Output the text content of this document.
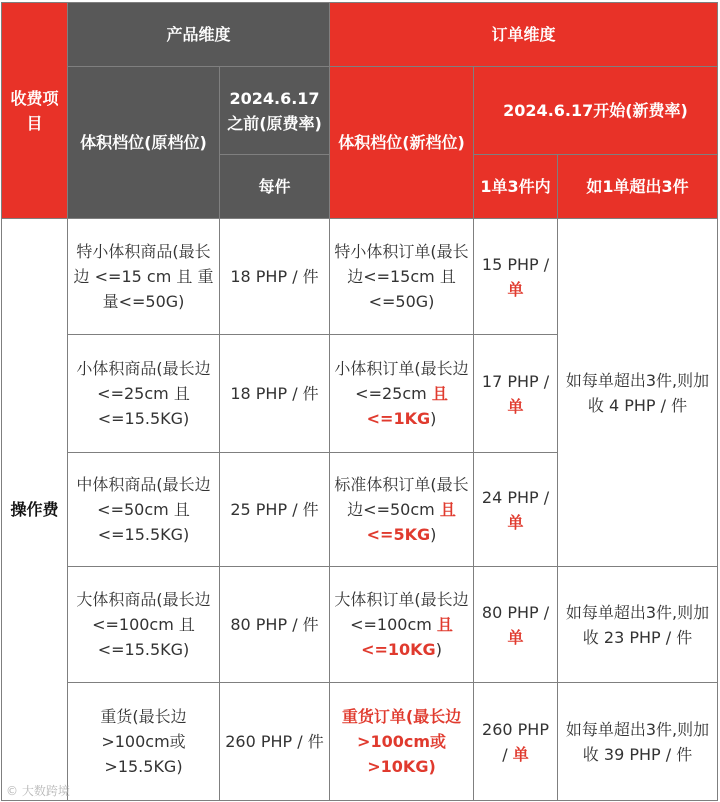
收费项目	产品维度		订单维度		
	体积档位(原档位)	2024.6.17之前(原费率)	体积档位(新档位)	2024.6.17开始(新费率)	
		每件		1单3件内	如1单超出3件
操作费	特小体积商品(最长边 <=15 cm 且 重量<=50G)	18 PHP / 件	特小体积订单(最长边<=15cm 且<=50G)	15 PHP / 单	如每单超出3件,则加收 4 PHP / 件
	小体积商品(最长边<=25cm 且<=15.5KG)	18 PHP / 件	小体积订单(最长边<=25cm 且<=1KG)	17 PHP / 单	
	中体积商品(最长边<=50cm 且<=15.5KG)	25 PHP / 件	标准体积订单(最长边<=50cm 且<=5KG)	24 PHP / 单	
	大体积商品(最长边<=100cm 且<=15.5KG)	80 PHP / 件	大体积订单(最长边<=100cm 且<=10KG)	80 PHP / 单	如每单超出3件,则加收 23 PHP / 件
	重货(最长边>100cm或>15.5KG)	260 PHP / 件	重货订单(最长边>100cm或>10KG)	260 PHP / 单	如每单超出3件,则加收 39 PHP / 件
© 大数跨境
